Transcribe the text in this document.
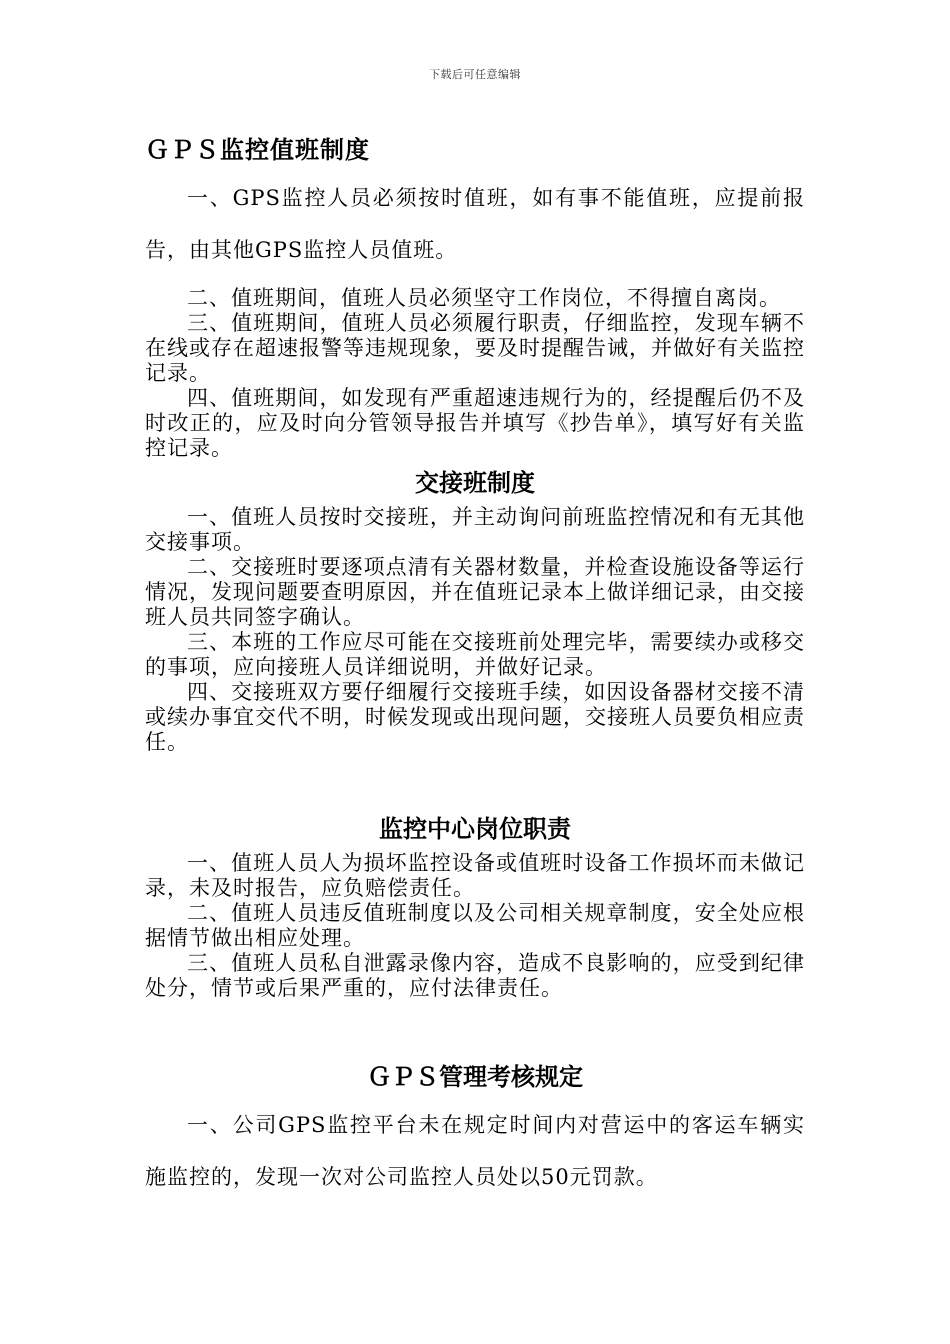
下载后可任意编辑
ＧＰＳ监控值班制度

一、GPS监控人员必须按时值班，如有事不能值班，应提前报告，由其他GPS监控人员值班。

二、值班期间，值班人员必须坚守工作岗位，不得擅自离岗。

三、值班期间，值班人员必须履行职责，仔细监控，发现车辆不在线或存在超速报警等违规现象，要及时提醒告诫，并做好有关监控记录。

四、值班期间，如发现有严重超速违规行为的，经提醒后仍不及时改正的，应及时向分管领导报告并填写《抄告单》，填写好有关监控记录。

交接班制度

一、值班人员按时交接班，并主动询问前班监控情况和有无其他交接事项。

二、交接班时要逐项点清有关器材数量，并检查设施设备等运行情况，发现问题要查明原因，并在值班记录本上做详细记录，由交接班人员共同签字确认。

三、本班的工作应尽可能在交接班前处理完毕，需要续办或移交的事项，应向接班人员详细说明，并做好记录。

四、交接班双方要仔细履行交接班手续，如因设备器材交接不清或续办事宜交代不明，时候发现或出现问题，交接班人员要负相应责任。

监控中心岗位职责

一、值班人员人为损坏监控设备或值班时设备工作损坏而未做记录，未及时报告，应负赔偿责任。

二、值班人员违反值班制度以及公司相关规章制度，安全处应根据情节做出相应处理。

三、值班人员私自泄露录像内容，造成不良影响的，应受到纪律处分，情节或后果严重的，应付法律责任。

ＧＰＳ管理考核规定

一、公司GPS监控平台未在规定时间内对营运中的客运车辆实施监控的，发现一次对公司监控人员处以50元罚款。
